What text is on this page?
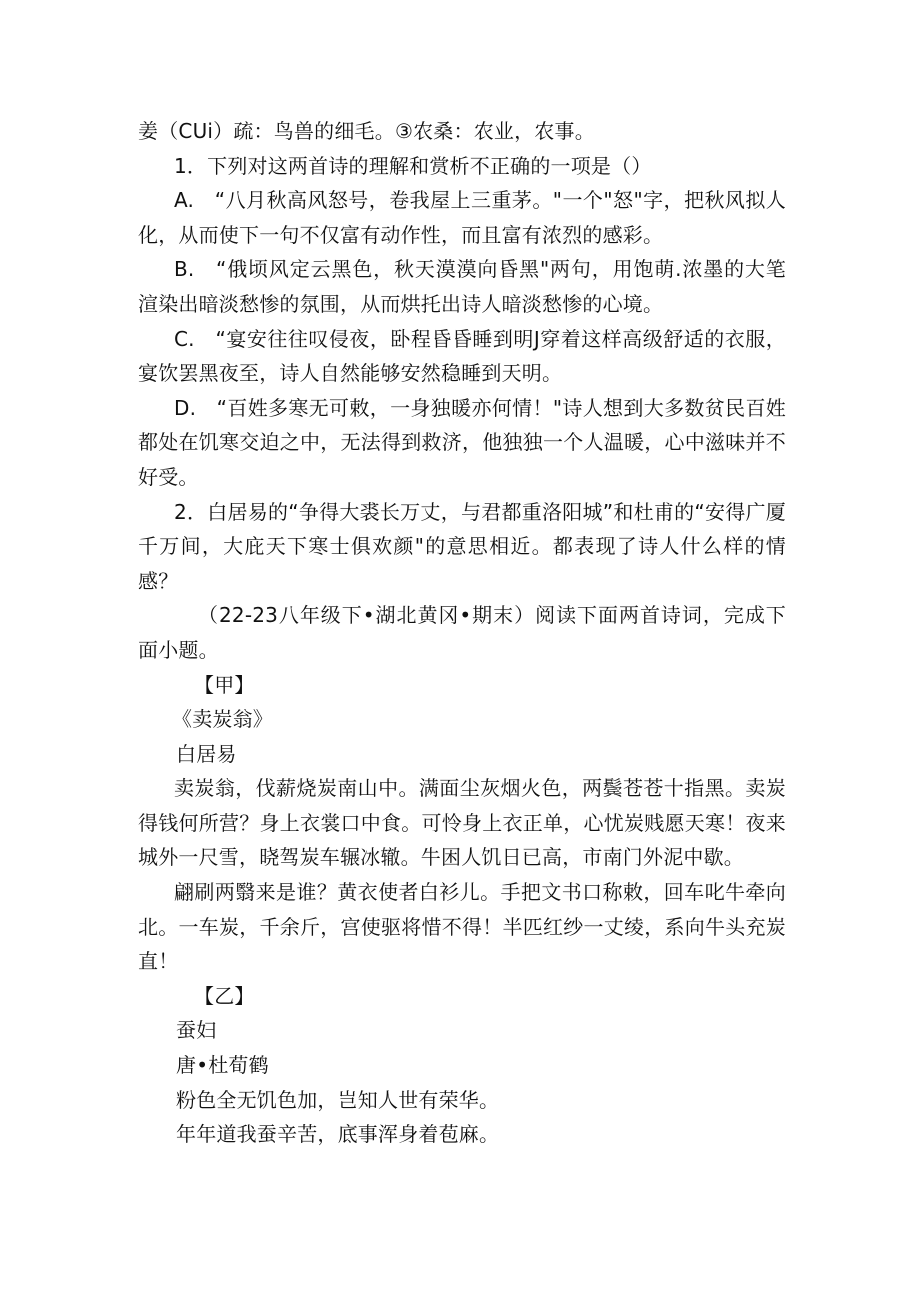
姜（CUi）疏：鸟兽的细毛。③农桑：农业，农事。

1．下列对这两首诗的理解和赏析不正确的一项是（）

A.　“八月秋高风怒号，卷我屋上三重茅。"一个"怒"字，把秋风拟人化，从而使下一句不仅富有动作性，而且富有浓烈的感彩。

B.　“俄顷风定云黑色，秋天漠漠向昏黑"两句，用饱萌.浓墨的大笔渲染出暗淡愁惨的氛围，从而烘托出诗人暗淡愁惨的心境。

C.　“宴安往往叹侵夜，卧程昏昏睡到明J穿着这样高级舒适的衣服，宴饮罢黑夜至，诗人自然能够安然稳睡到天明。

D.　“百姓多寒无可敕，一身独暖亦何情！"诗人想到大多数贫民百姓都处在饥寒交迫之中，无法得到救济，他独独一个人温暖，心中滋味并不好受。

2．白居易的“争得大裘长万丈，与君都重洛阳城”和杜甫的“安得广厦千万间，大庇天下寒士俱欢颜"的意思相近。都表现了诗人什么样的情感？

（22-23八年级下•湖北黄冈•期末）阅读下面两首诗词，完成下面小题。

【甲】

《卖炭翁》

白居易

卖炭翁，伐薪烧炭南山中。满面尘灰烟火色，两鬓苍苍十指黑。卖炭得钱何所营？身上衣裳口中食。可怜身上衣正单，心忧炭贱愿天寒！夜来城外一尺雪，晓驾炭车辗冰辙。牛困人饥日已高，市南门外泥中歇。

翩刷两翳来是谁？黄衣使者白衫儿。手把文书口称敕，回车叱牛牵向北。一车炭，千余斤，宫使驱将惜不得！半匹红纱一丈绫，系向牛头充炭直！

【乙】

蚕妇

唐•杜荀鹤

粉色全无饥色加，岂知人世有荣华。

年年道我蚕辛苦，底事浑身着苞麻。
